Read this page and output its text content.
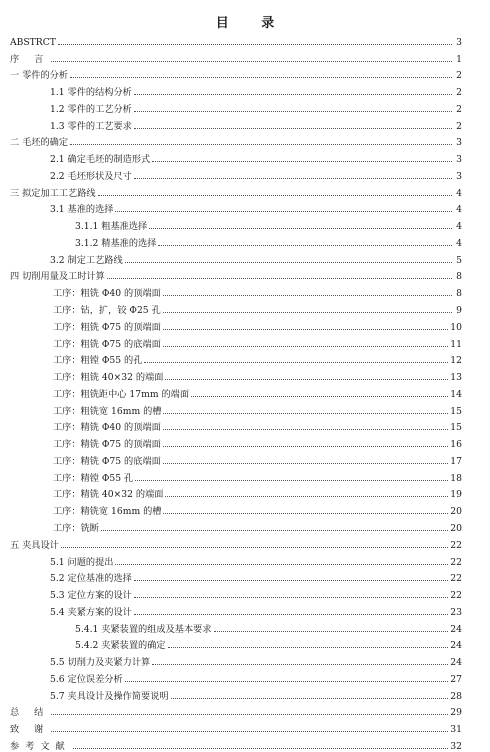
目 录
ABSTRCT	3
序 言	1
一 零件的分析	2
1.1 零件的结构分析	2
1.2 零件的工艺分析	2
1.3 零件的工艺要求	2
二 毛坯的确定	3
2.1 确定毛坯的制造形式	3
2.2 毛坯形状及尺寸	3
三 拟定加工工艺路线	4
3.1 基准的选择	4
3.1.1 粗基准选择	4
3.1.2 精基准的选择	4
3.2 制定工艺路线	5
四 切削用量及工时计算	8
工序：粗铣 Φ40 的顶端面	8
工序：钻，扩，铰 Φ25 孔	9
工序：粗铣 Φ75 的顶端面	10
工序：粗铣 Φ75 的底端面	11
工序：粗镗 Φ55 的孔	12
工序：粗铣 40×32 的端面	13
工序：粗铣距中心 17mm 的端面	14
工序：粗铣宽 16mm 的槽	15
工序：精铣 Φ40 的顶端面	15
工序：精铣 Φ75 的顶端面	16
工序：精铣 Φ75 的底端面	17
工序：精镗 Φ55 孔	18
工序：精铣 40×32 的端面	19
工序：精铣宽 16mm 的槽	20
工序：铣断	20
五 夹具设计	22
5.1 问题的提出	22
5.2 定位基准的选择	22
5.3 定位方案的设计	22
5.4 夹紧方案的设计	23
5.4.1 夹紧装置的组成及基本要求	24
5.4.2 夹紧装置的确定	24
5.5 切削力及夹紧力计算	24
5.6 定位误差分析	27
5.7 夹具设计及操作简要说明	28
总 结	29
致 谢	31
参考文献	32
